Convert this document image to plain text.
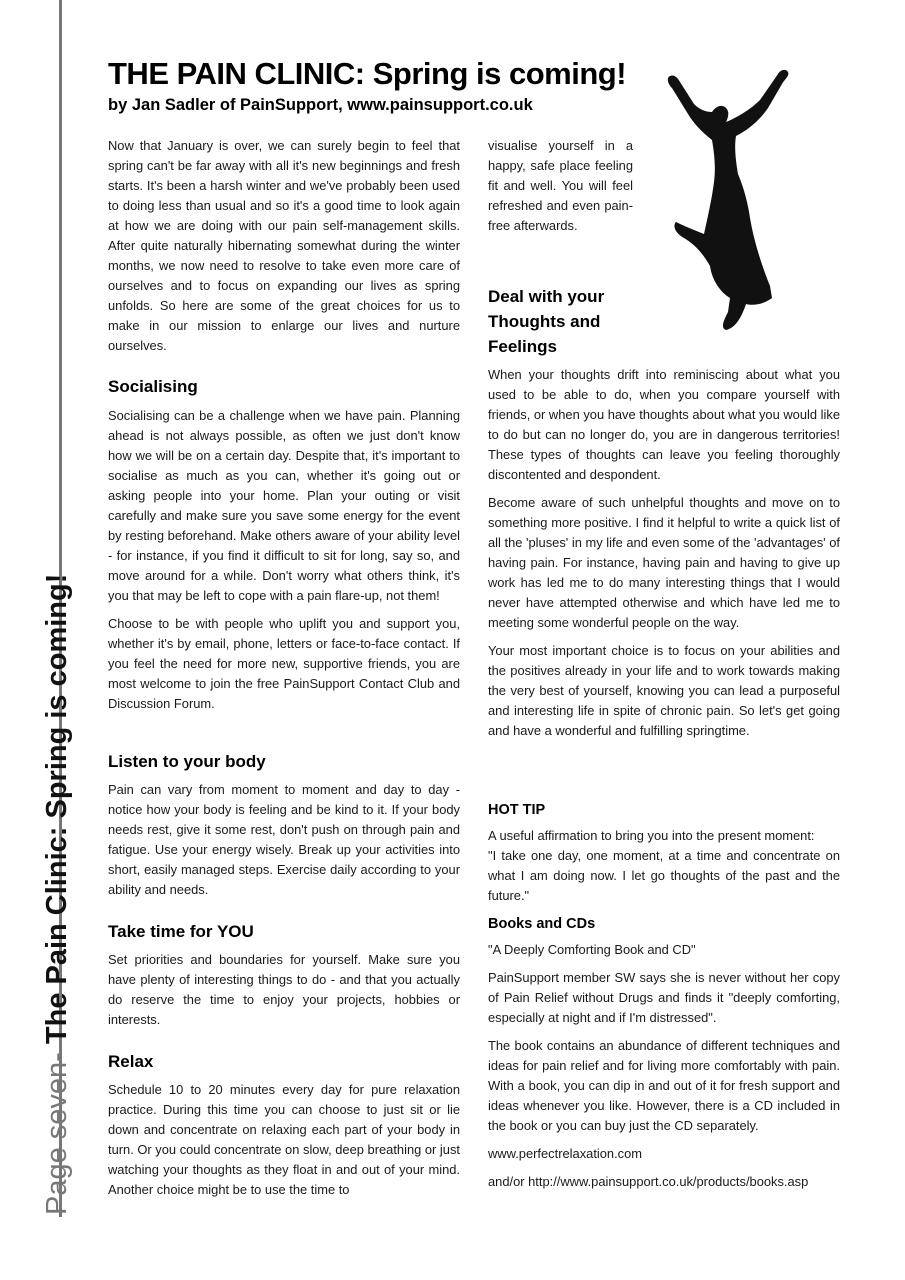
Page seven- The Pain Clinic: Spring is coming!
THE PAIN CLINIC: Spring is coming!
by Jan Sadler of PainSupport, www.painsupport.co.uk

Now that January is over, we can surely begin to feel that spring can't be far away with all it's new beginnings and fresh starts. It's been a harsh winter and we've probably been used to doing less than usual and so it's a good time to look again at how we are doing with our pain self-management skills. After quite naturally hibernating somewhat during the winter months, we now need to resolve to take even more care of ourselves and to focus on expanding our lives as spring unfolds. So here are some of the great choices for us to make in our mission to enlarge our lives and nurture ourselves.

Socialising

Socialising can be a challenge when we have pain. Planning ahead is not always possible, as often we just don't know how we will be on a certain day. Despite that, it's important to socialise as much as you can, whether it's going out or asking people into your home. Plan your outing or visit carefully and make sure you save some energy for the event by resting beforehand. Make others aware of your ability level - for instance, if you find it difficult to sit for long, say so, and move around for a while. Don't worry what others think, it's you that may be left to cope with a pain flare-up, not them!

Choose to be with people who uplift you and support you, whether it's by email, phone, letters or face-to-face contact. If you feel the need for more new, supportive friends, you are most welcome to join the free PainSupport Contact Club and Discussion Forum.

Listen to your body

Pain can vary from moment to moment and day to day - notice how your body is feeling and be kind to it. If your body needs rest, give it some rest, don't push on through pain and fatigue. Use your energy wisely. Break up your activities into short, easily managed steps. Exercise daily according to your ability and needs.

Take time for YOU

Set priorities and boundaries for yourself. Make sure you have plenty of interesting things to do - and that you actually do reserve the time to enjoy your projects, hobbies or interests.

Relax

Schedule 10 to 20 minutes every day for pure relaxation practice. During this time you can choose to just sit or lie down and concentrate on relaxing each part of your body in turn. Or you could concentrate on slow, deep breathing or just watching your thoughts as they float in and out of your mind. Another choice might be to use the time to

visualise yourself in a happy, safe place feeling fit and well. You will feel refreshed and even pain-free afterwards.

Deal with your
Thoughts and
Feelings

When your thoughts drift into reminiscing about what you used to be able to do, when you compare yourself with friends, or when you have thoughts about what you would like to do but can no longer do, you are in dangerous territories! These types of thoughts can leave you feeling thoroughly discontented and despondent.

Become aware of such unhelpful thoughts and move on to something more positive. I find it helpful to write a quick list of all the 'pluses' in my life and even some of the 'advantages' of having pain. For instance, having pain and having to give up work has led me to do many interesting things that I would never have attempted otherwise and which have led me to meeting some wonderful people on the way.

Your most important choice is to focus on your abilities and the positives already in your life and to work towards making the very best of yourself, knowing you can lead a purposeful and interesting life in spite of chronic pain. So let's get going and have a wonderful and fulfilling springtime.

HOT TIP

A useful affirmation to bring you into the present moment:

"I take one day, one moment, at a time and concentrate on what I am doing now. I let go thoughts of the past and the future."

Books and CDs

"A Deeply Comforting Book and CD"

PainSupport member SW says she is never without her copy of Pain Relief without Drugs and finds it "deeply comforting, especially at night and if I'm distressed".

The book contains an abundance of different techniques and ideas for pain relief and for living more comfortably with pain. With a book, you can dip in and out of it for fresh support and ideas whenever you like. However, there is a CD included in the book or you can buy just the CD separately.

www.perfectrelaxation.com

and/or http://www.painsupport.co.uk/products/books.asp
